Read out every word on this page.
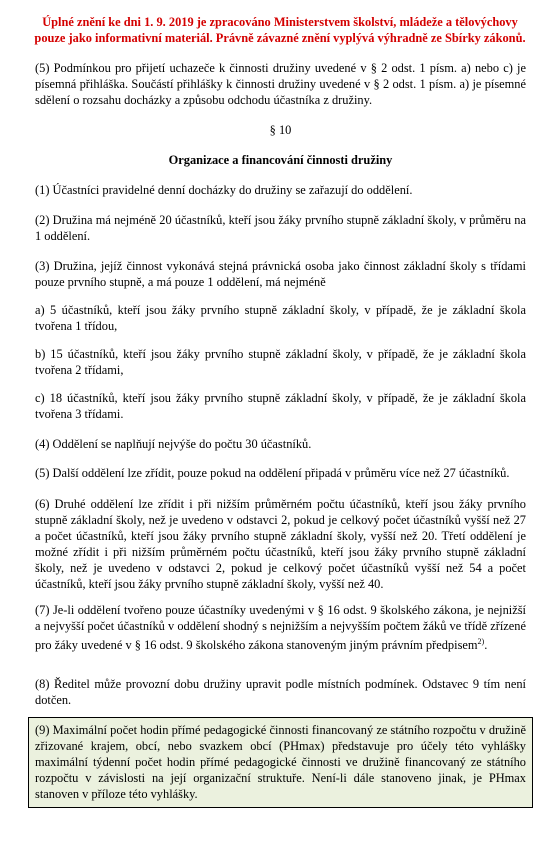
Úplné znění ke dni 1. 9. 2019 je zpracováno Ministerstvem školství, mládeže a tělovýchovy pouze jako informativní materiál. Právně závazné znění vyplývá výhradně ze Sbírky zákonů.
(5) Podmínkou pro přijetí uchazeče k činnosti družiny uvedené v § 2 odst. 1 písm. a) nebo c) je písemná přihláška. Součástí přihlášky k činnosti družiny uvedené v § 2 odst. 1 písm. a) je písemné sdělení o rozsahu docházky a způsobu odchodu účastníka z družiny.
§ 10
Organizace a financování činnosti družiny
(1) Účastníci pravidelné denní docházky do družiny se zařazují do oddělení.
(2) Družina má nejméně 20 účastníků, kteří jsou žáky prvního stupně základní školy, v průměru na 1 oddělení.
(3) Družina, jejíž činnost vykonává stejná právnická osoba jako činnost základní školy s třídami pouze prvního stupně, a má pouze 1 oddělení, má nejméně
a) 5 účastníků, kteří jsou žáky prvního stupně základní školy, v případě, že je základní škola tvořena 1 třídou,
b) 15 účastníků, kteří jsou žáky prvního stupně základní školy, v případě, že je základní škola tvořena 2 třídami,
c) 18 účastníků, kteří jsou žáky prvního stupně základní školy, v případě, že je základní škola tvořena 3 třídami.
(4) Oddělení se naplňují nejvýše do počtu 30 účastníků.
(5) Další oddělení lze zřídit, pouze pokud na oddělení připadá v průměru více než 27 účastníků.
(6) Druhé oddělení lze zřídit i při nižším průměrném počtu účastníků, kteří jsou žáky prvního stupně základní školy, než je uvedeno v odstavci 2, pokud je celkový počet účastníků vyšší než 27 a počet účastníků, kteří jsou žáky prvního stupně základní školy, vyšší než 20. Třetí oddělení je možné zřídit i při nižším průměrném počtu účastníků, kteří jsou žáky prvního stupně základní školy, než je uvedeno v odstavci 2, pokud je celkový počet účastníků vyšší než 54 a počet účastníků, kteří jsou žáky prvního stupně základní školy, vyšší než 40.
(7) Je-li oddělení tvořeno pouze účastníky uvedenými v § 16 odst. 9 školského zákona, je nejnižší a nejvyšší počet účastníků v oddělení shodný s nejnižším a nejvyšším počtem žáků ve třídě zřízené pro žáky uvedené v § 16 odst. 9 školského zákona stanoveným jiným právním předpisem$^{2)}$.
(8) Ředitel může provozní dobu družiny upravit podle místních podmínek. Odstavec 9 tím není dotčen.
(9) Maximální počet hodin přímé pedagogické činnosti financovaný ze státního rozpočtu v družině zřizované krajem, obcí, nebo svazkem obcí (PHmax) představuje pro účely této vyhlášky maximální týdenní počet hodin přímé pedagogické činnosti ve družině financovaný ze státního rozpočtu v závislosti na její organizační struktuře. Není-li dále stanoveno jinak, je PHmax stanoven v příloze této vyhlášky.
